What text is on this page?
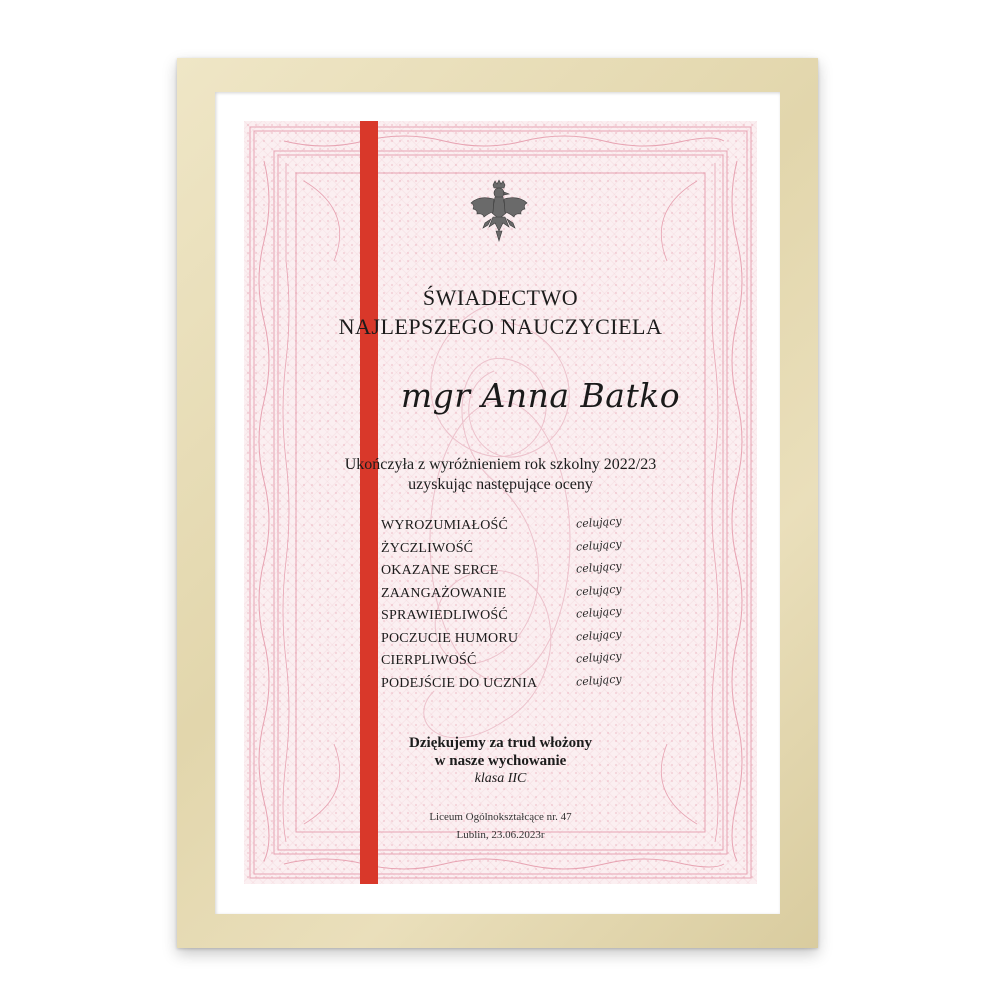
ŚWIADECTWO
NAJLEPSZEGO NAUCZYCIELA
mgr Anna Batko
Ukończyła z wyróżnieniem rok szkolny 2022/23
uzyskując następujące oceny
WYROZUMIAŁOŚĆ	celujący
ŻYCZLIWOŚĆ	celujący
OKAZANE SERCE	celujący
ZAANGAŻOWANIE	celujący
SPRAWIEDLIWOŚĆ	celujący
POCZUCIE HUMORU	celujący
CIERPLIWOŚĆ	celujący
PODEJŚCIE DO UCZNIA	celujący
Dziękujemy za trud włożony
w nasze wychowanie
klasa IIC
Liceum Ogólnokształcące nr. 47
Lublin, 23.06.2023r
